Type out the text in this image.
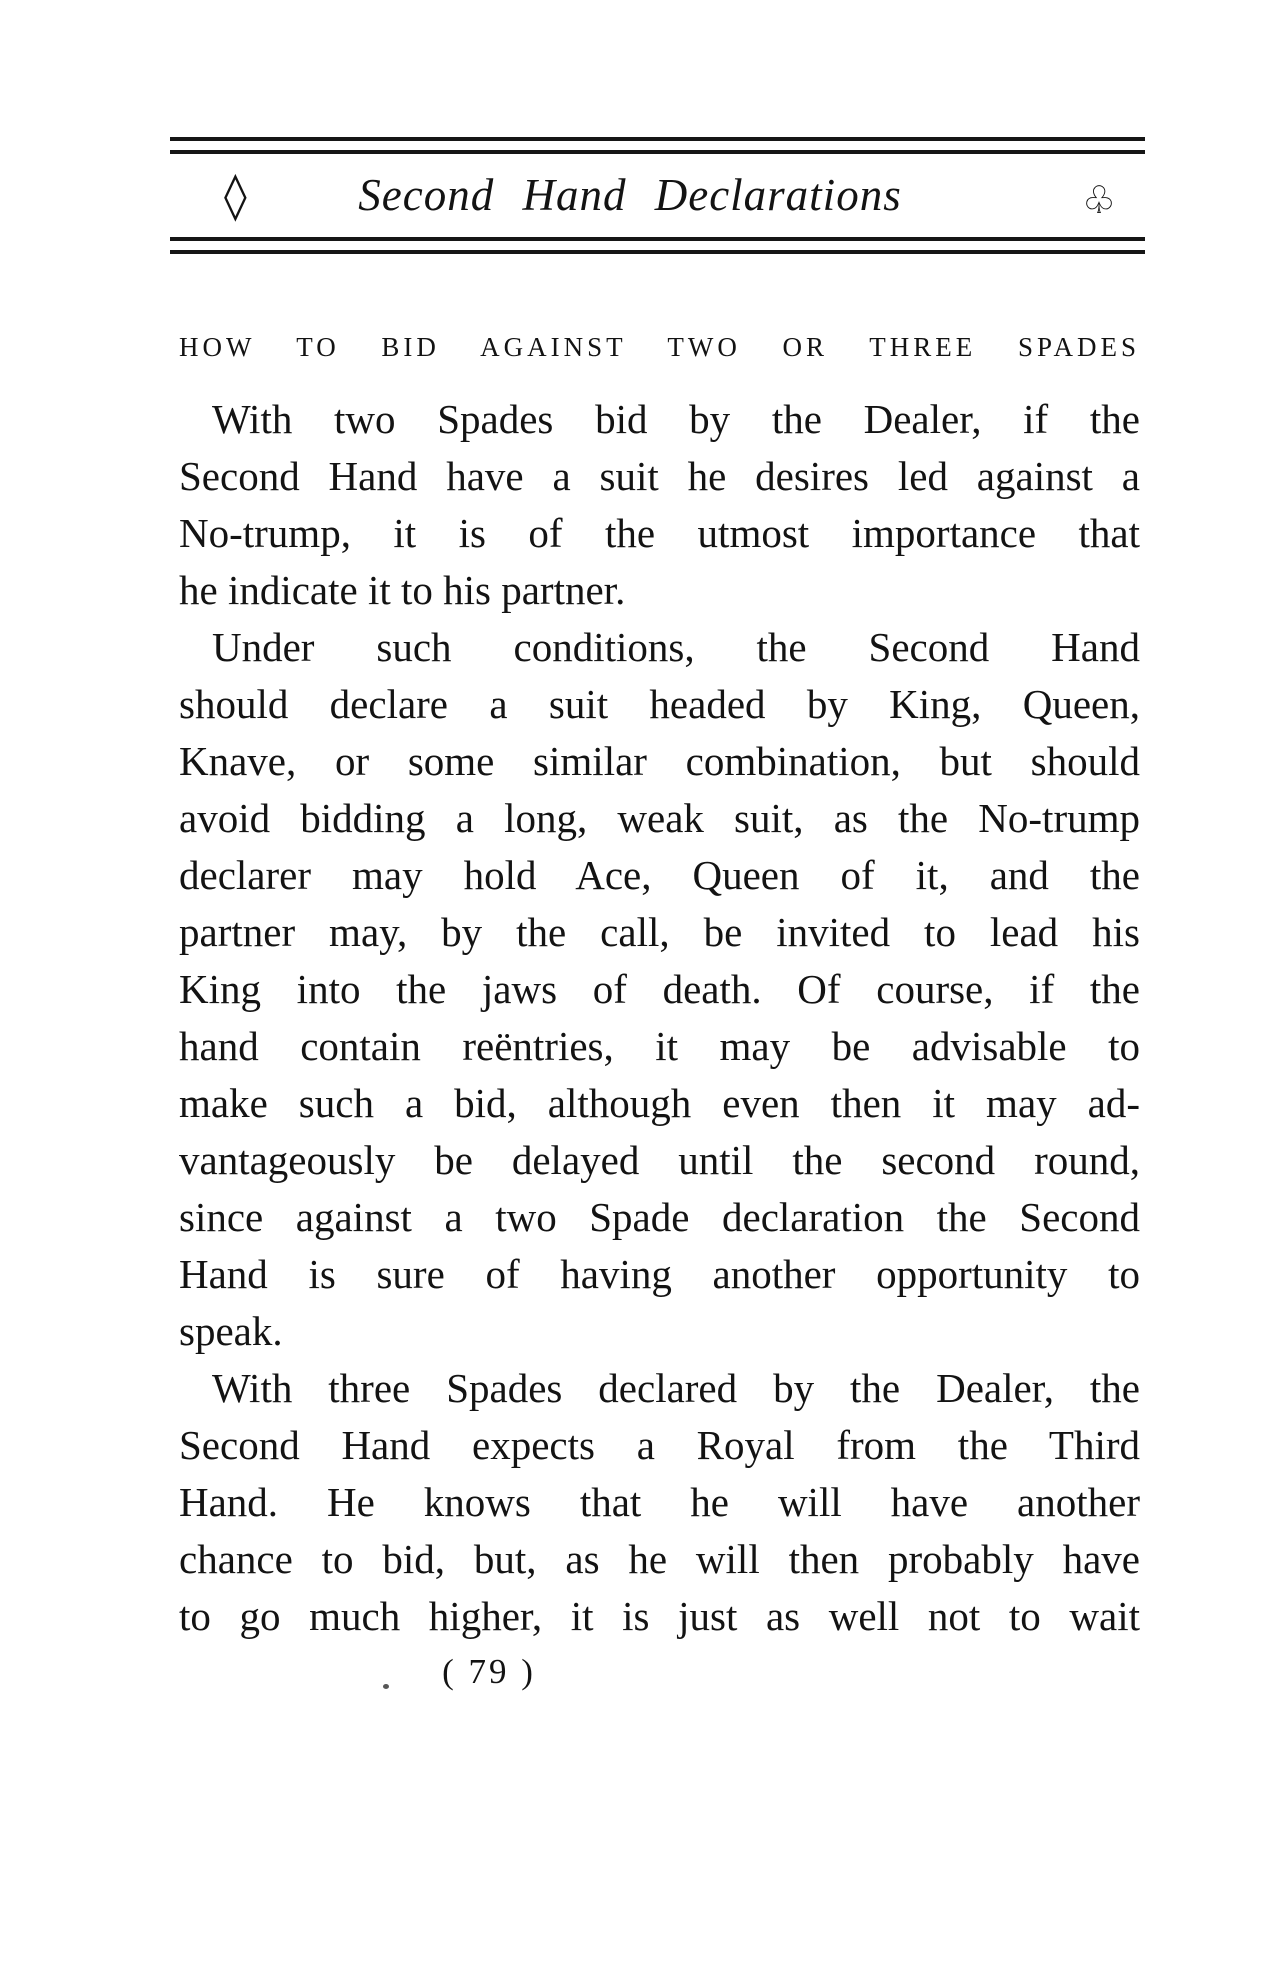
◊	Second Hand Declarations	♧
HOW TO BID AGAINST TWO OR THREE SPADES
With two Spades bid by the Dealer, if the
Second Hand have a suit he desires led against a
No-trump, it is of the utmost importance that
he indicate it to his partner.
Under such conditions, the Second Hand
should declare a suit headed by King, Queen,
Knave, or some similar combination, but should
avoid bidding a long, weak suit, as the No-trump
declarer may hold Ace, Queen of it, and the
partner may, by the call, be invited to lead his
King into the jaws of death. Of course, if the
hand contain reëntries, it may be advisable to
make such a bid, although even then it may ad-
vantageously be delayed until the second round,
since against a two Spade declaration the Second
Hand is sure of having another opportunity to
speak.
With three Spades declared by the Dealer, the
Second Hand expects a Royal from the Third
Hand. He knows that he will have another
chance to bid, but, as he will then probably have
to go much higher, it is just as well not to wait
( 79 )
